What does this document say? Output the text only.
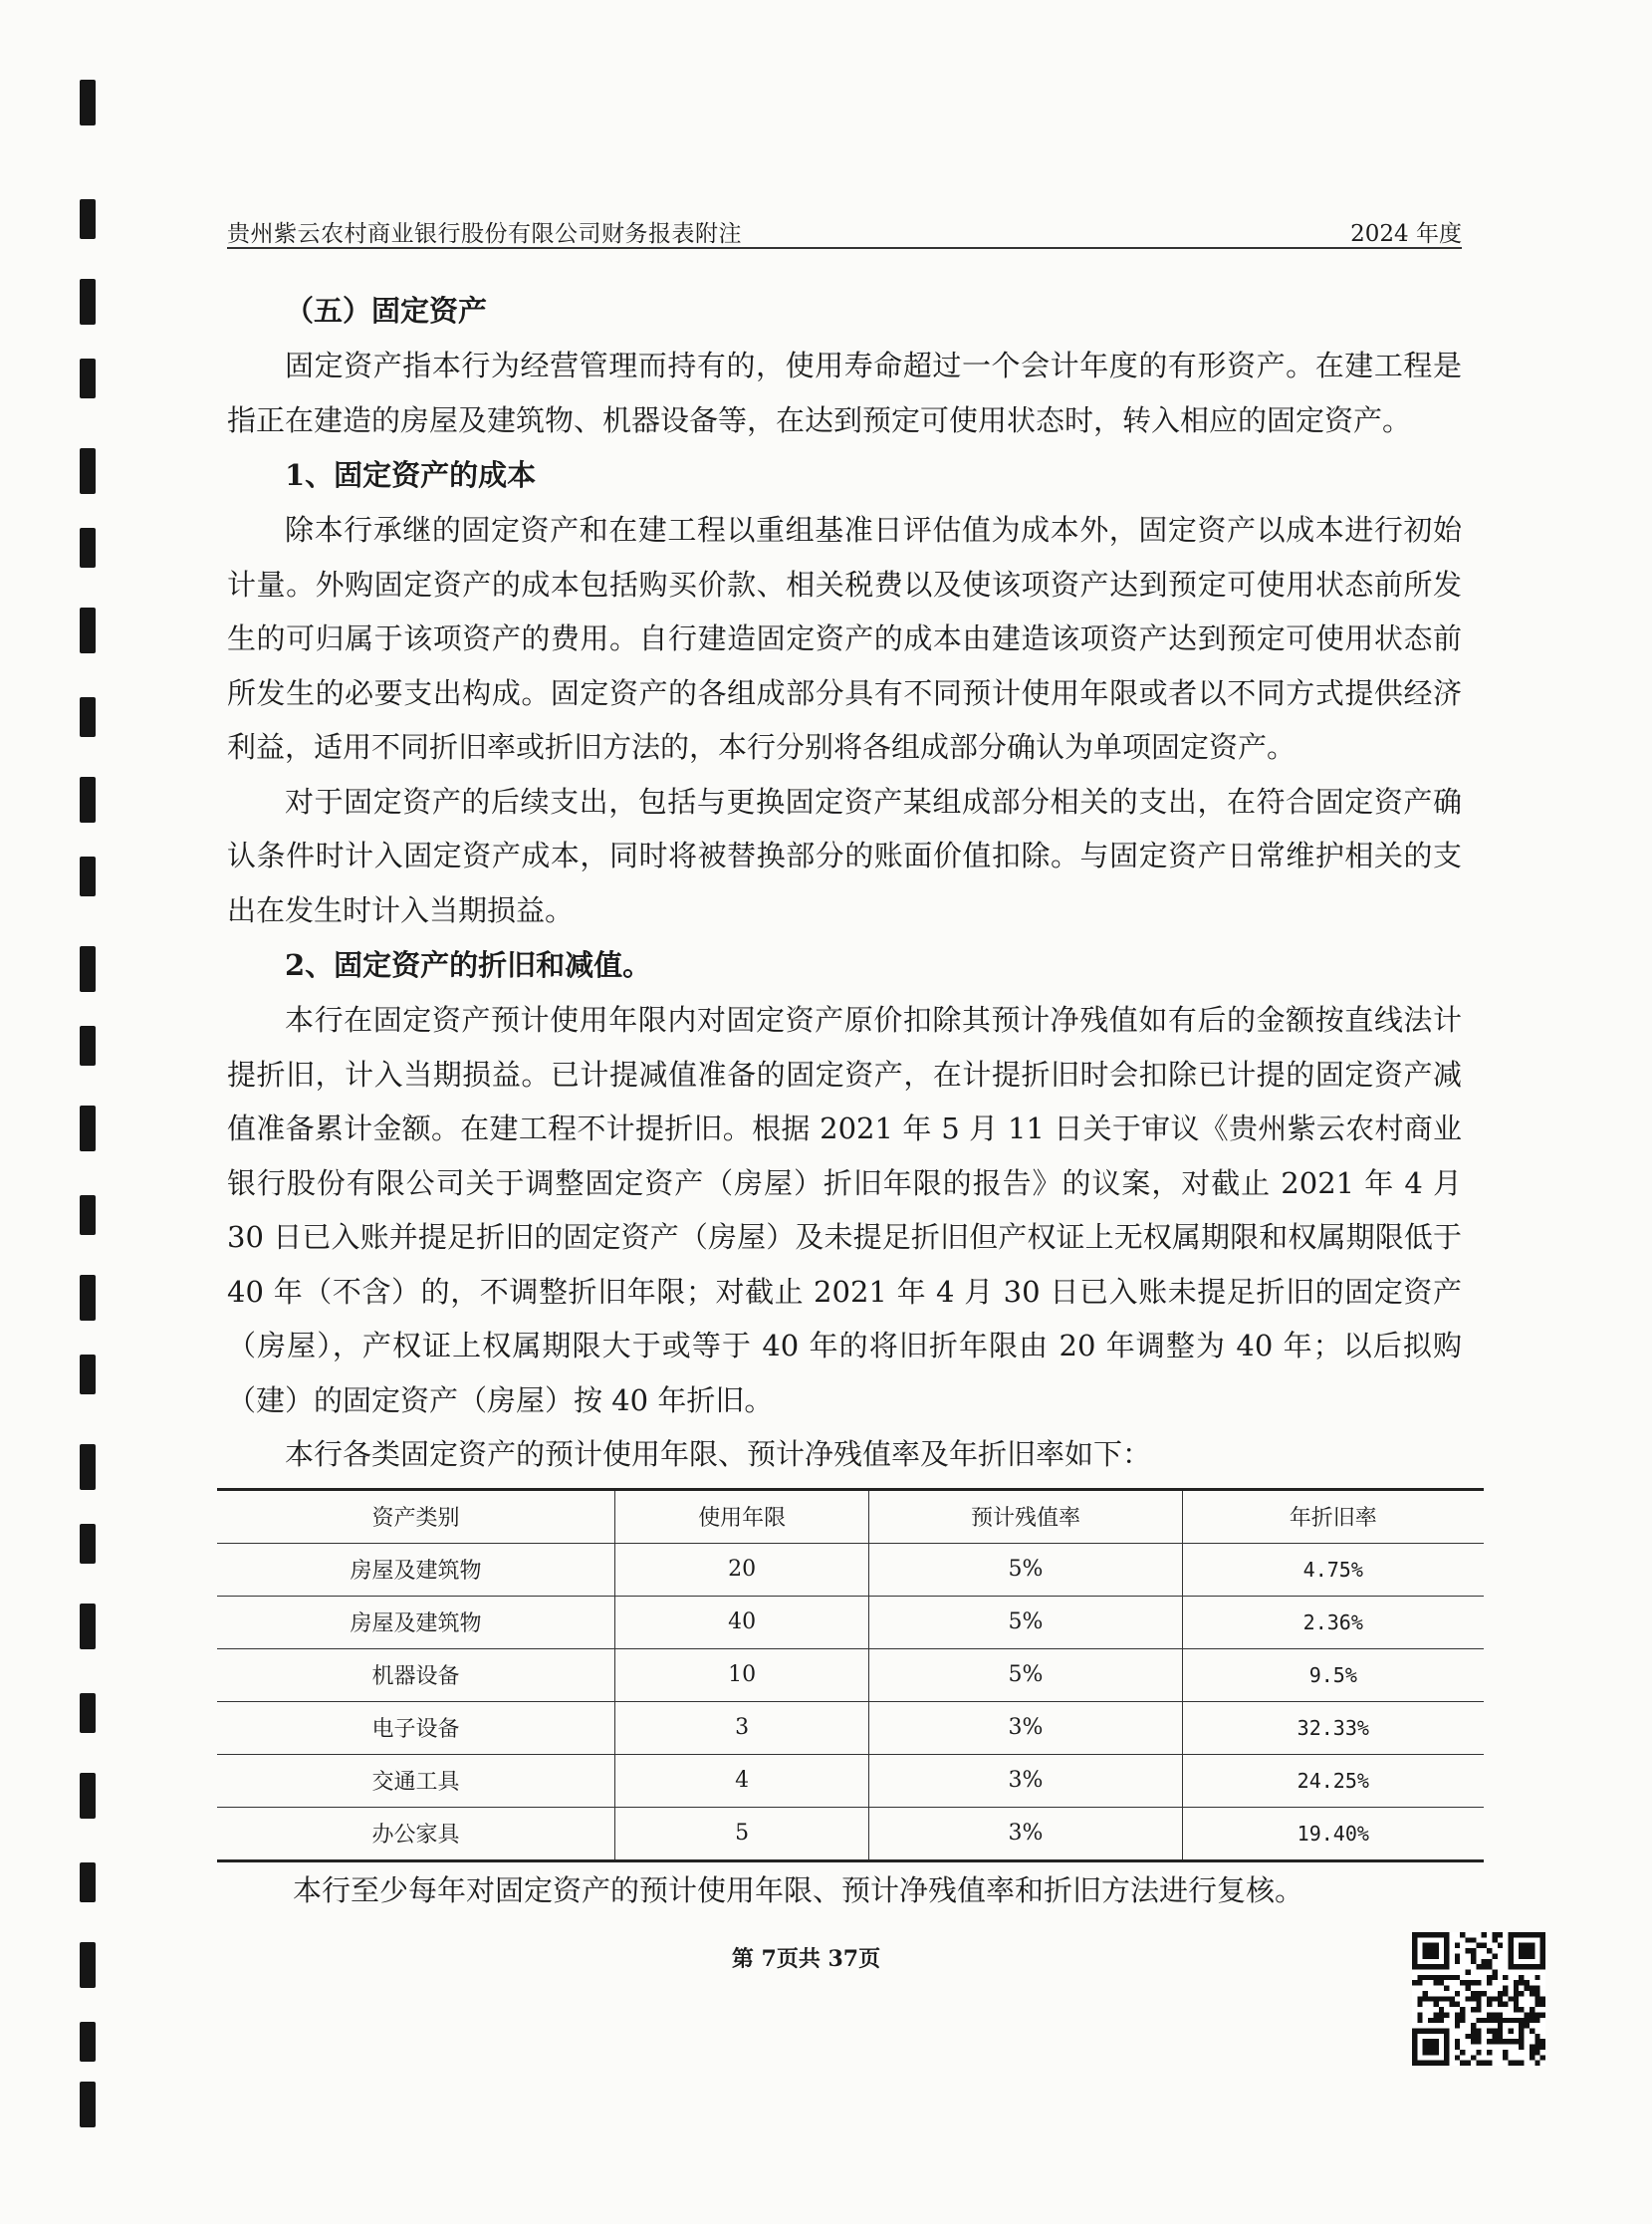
贵州紫云农村商业银行股份有限公司财务报表附注	2024 年度
（五）固定资产

固定资产指本行为经营管理而持有的，使用寿命超过一个会计年度的有形资产。在建工程是指正在建造的房屋及建筑物、机器设备等，在达到预定可使用状态时，转入相应的固定资产。

1、固定资产的成本

除本行承继的固定资产和在建工程以重组基准日评估值为成本外，固定资产以成本进行初始计量。外购固定资产的成本包括购买价款、相关税费以及使该项资产达到预定可使用状态前所发生的可归属于该项资产的费用。自行建造固定资产的成本由建造该项资产达到预定可使用状态前所发生的必要支出构成。固定资产的各组成部分具有不同预计使用年限或者以不同方式提供经济利益，适用不同折旧率或折旧方法的，本行分别将各组成部分确认为单项固定资产。

对于固定资产的后续支出，包括与更换固定资产某组成部分相关的支出，在符合固定资产确认条件时计入固定资产成本，同时将被替换部分的账面价值扣除。与固定资产日常维护相关的支出在发生时计入当期损益。

2、固定资产的折旧和减值。

本行在固定资产预计使用年限内对固定资产原价扣除其预计净残值如有后的金额按直线法计提折旧，计入当期损益。已计提减值准备的固定资产，在计提折旧时会扣除已计提的固定资产减值准备累计金额。在建工程不计提折旧。根据 2021 年 5 月 11 日关于审议《贵州紫云农村商业银行股份有限公司关于调整固定资产（房屋）折旧年限的报告》的议案，对截止 2021 年 4 月 30 日已入账并提足折旧的固定资产（房屋）及未提足折旧但产权证上无权属期限和权属期限低于 40 年（不含）的，不调整折旧年限；对截止 2021 年 4 月 30 日已入账未提足折旧的固定资产（房屋），产权证上权属期限大于或等于 40 年的将旧折年限由 20 年调整为 40 年；以后拟购（建）的固定资产（房屋）按 40 年折旧。

本行各类固定资产的预计使用年限、预计净残值率及年折旧率如下：

资产类别	使用年限	预计残值率	年折旧率
房屋及建筑物	20	5%	4.75%
房屋及建筑物	40	5%	2.36%
机器设备	10	5%	9.5%
电子设备	3	3%	32.33%
交通工具	4	3%	24.25%
办公家具	5	3%	19.40%

本行至少每年对固定资产的预计使用年限、预计净残值率和折旧方法进行复核。

第 7页共 37页
